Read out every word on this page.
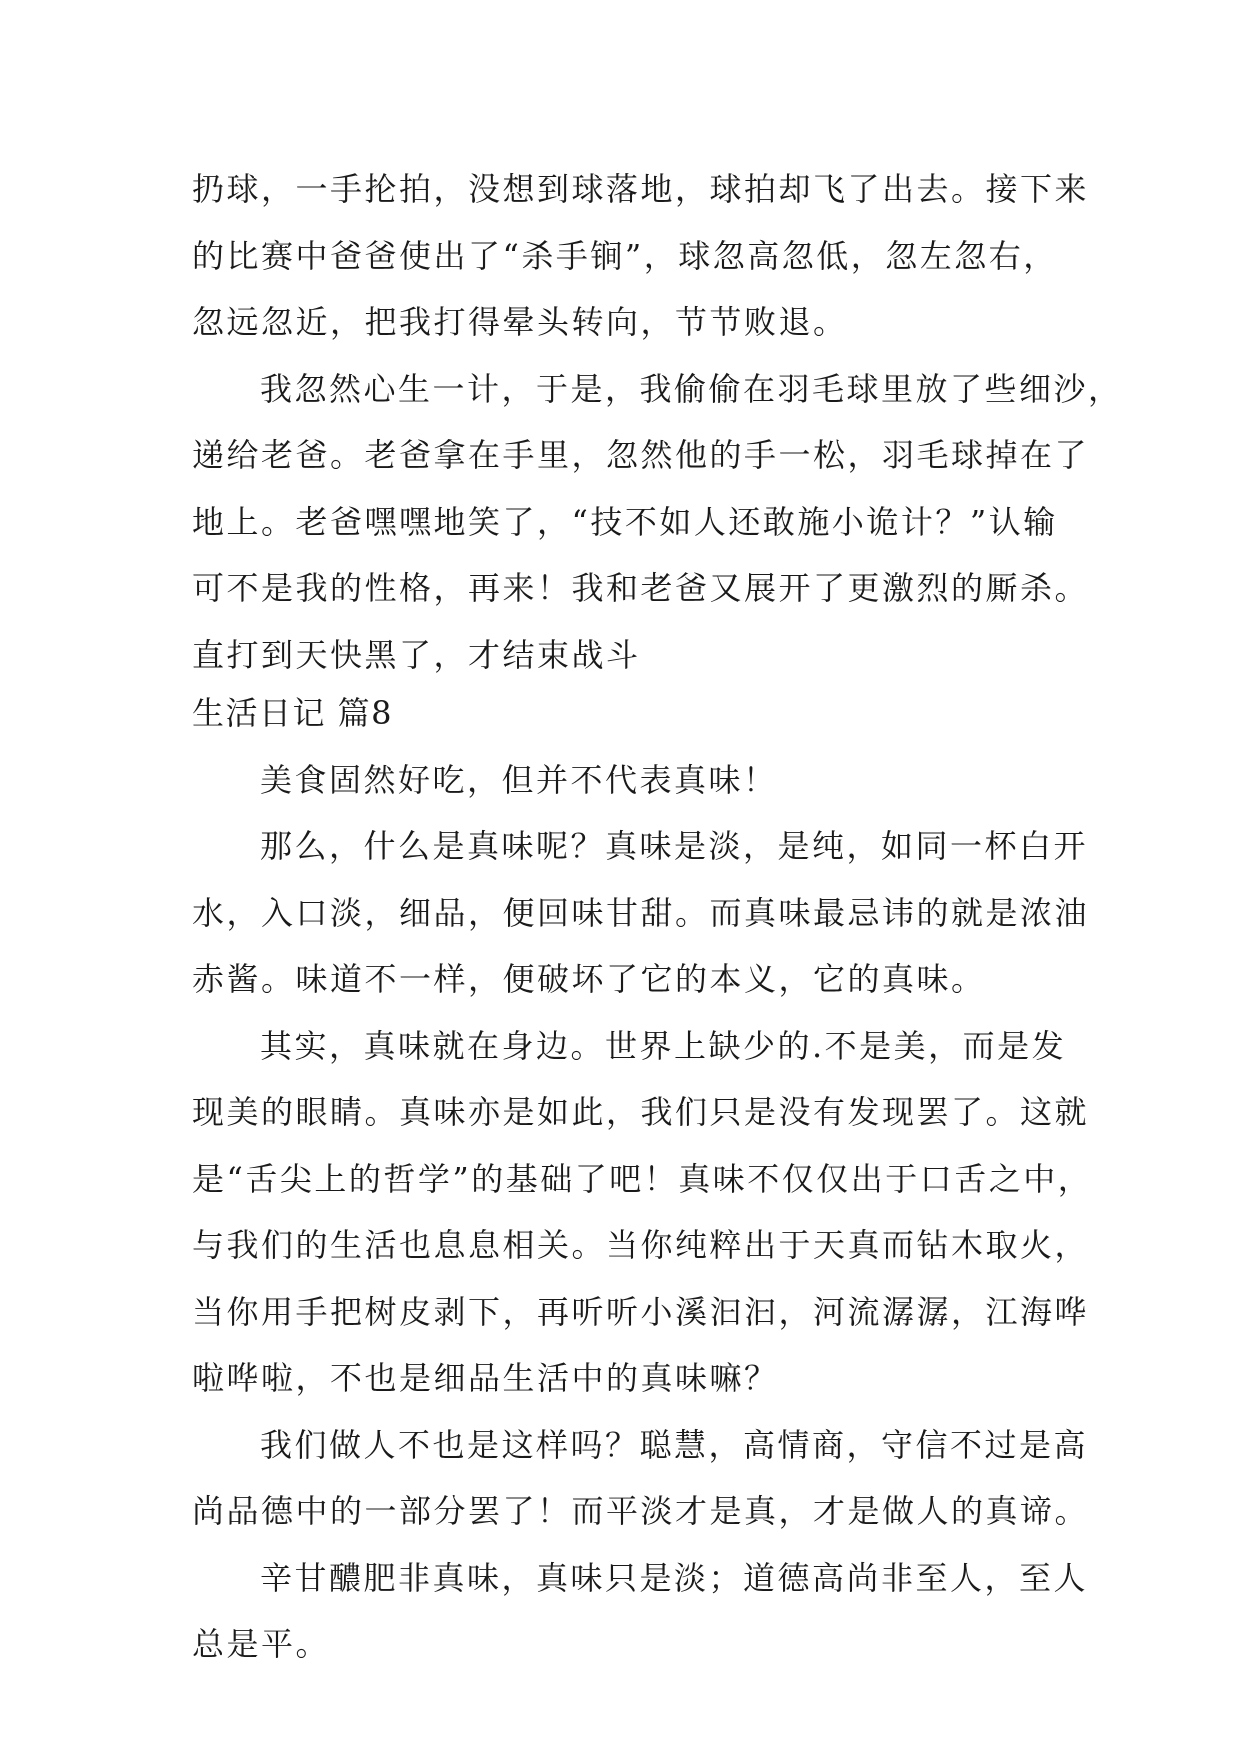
扔球，一手抡拍，没想到球落地，球拍却飞了出去。接下来
的比赛中爸爸使出了“杀手锏”，球忽高忽低，忽左忽右，
忽远忽近，把我打得晕头转向，节节败退。
我忽然心生一计，于是，我偷偷在羽毛球里放了些细沙，
递给老爸。老爸拿在手里，忽然他的手一松，羽毛球掉在了
地上。老爸嘿嘿地笑了，“技不如人还敢施小诡计？”认输
可不是我的性格，再来！我和老爸又展开了更激烈的厮杀。
直打到天快黑了，才结束战斗
生活日记 篇8
美食固然好吃，但并不代表真味！
那么，什么是真味呢？真味是淡，是纯，如同一杯白开
水，入口淡，细品，便回味甘甜。而真味最忌讳的就是浓油
赤酱。味道不一样，便破坏了它的本义，它的真味。
其实，真味就在身边。世界上缺少的.不是美，而是发
现美的眼睛。真味亦是如此，我们只是没有发现罢了。这就
是“舌尖上的哲学”的基础了吧！真味不仅仅出于口舌之中，
与我们的生活也息息相关。当你纯粹出于天真而钻木取火，
当你用手把树皮剥下，再听听小溪汩汩，河流潺潺，江海哗
啦哗啦，不也是细品生活中的真味嘛？
我们做人不也是这样吗？聪慧，高情商，守信不过是高
尚品德中的一部分罢了！而平淡才是真，才是做人的真谛。
辛甘醲肥非真味，真味只是淡；道德高尚非至人，至人
总是平。
